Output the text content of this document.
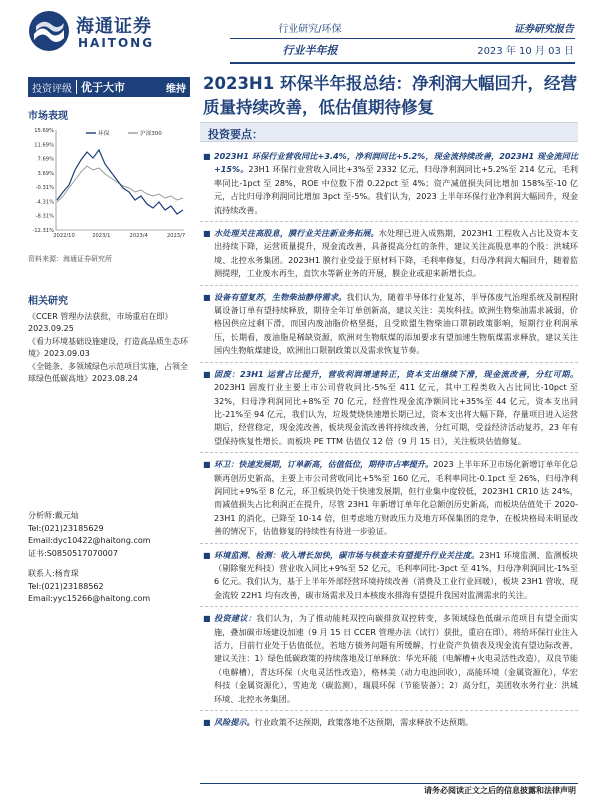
海通证券
HAITONG
行业研究/环保
行业半年报
证券研究报告
2023 年 10 月 03 日
投资评级 优于大市	维持
市场表现
15.69%
11.69%
7.69%
3.69%
-0.31%
-4.31%
-8.31%
-12.31%
2022/10	2023/1	2023/4	2023/7
环保	沪深300
资料来源：海通证券研究所
相关研究
《CCER 管理办法获批，市场重启在即》2023.09.25
《看力环境基础设施建设，打造高品质生态环境》2023.09.03
《全链条、多领域绿色示范项目实施，占领全球绿色低碳高地》2023.08.24
分析师:戴元灿
Tel:(021)23185629
Email:dyc10422@haitong.com
证书:S0850517070007
联系人:杨育琛
Tel:(021)23188562
Email:yyc15266@haitong.com
2023H1 环保半年报总结：净利润大幅回升，经营质量持续改善，低估值期待修复
投资要点：
■ 2023H1 环保行业营收同比+3.4%，净利润同比+5.2%，现金流持续改善，2023H1 现金流同比+15%。23H1 环保行业营收入同比+3%至 2332 亿元，归母净利润同比+5.2%至 214 亿元，毛利率同比-1pct 至 28%，ROE 中位数下滑 0.22pct 至 4%；资产减值损失同比增加 158%至-10 亿元，占比归母净利润同比增加 3pct 至-5%。我们认为，2023 上半年环保行业净利润大幅回升，现金流持续改善。
■ 水处理关注高股息，膜行业关注新业务拓展。水处理已进入成熟期，2023H1 工程收入占比及资本支出持续下降，运营质量提升，现金流改善，具备提高分红的条件，建议关注高股息率的个股：洪城环境、北控水务集团。2023H1 膜行业受益于原材料下降，毛利率修复，归母净利润大幅回升，随着监测提理，工业废水再生，直饮水等新业务的开展，膜企业或迎来新增长点。
■ 设备有望复苏，生物柴油静待需求。我们认为，随着半导体行业复苏，半导体废气治理系统及制程附属设备订单有望持续释放，期待全年订单创新高，建议关注：美埃科技。欧洲生物柴油需求减弱，价格因供应过剩下滑，而国内废油脂价格坚挺，且受欧盟生物柴油口罩制政策影响，短期行业利润承压，长期看，废油脂是稀缺资源，欧洲对生物航煤的添加要求有望加速生物航煤需求释放，建议关注国内生物航煤建设，欧洲出口限制政策以及需求恢复节奏。
■ 固废：23H1 运营占比提升，营收利润增速转正，资本支出继续下滑，现金流改善，分红可期。2023H1 固废行业主要上市公司营收同比-5%至 411 亿元，其中工程类收入占比同比-10pct 至 32%，归母净利润同比+8%至 70 亿元，经营性现金流净额同比+35%至 44 亿元，资本支出同比-21%至 94 亿元，我们认为，垃圾焚烧快速增长期已过，资本支出将大幅下降，存量项目进入运营期后，经营稳定，现金流改善，板块现金流改善将持续改善，分红可期，受益经济活动复苏，23 年有望保持恢复性增长。而板块 PE TTM 估值仅 12 倍（9 月 15 日），关注板块估值修复。
■ 环卫：快速发展期，订单新高，估值低位，期待市占率提升。2023 上半年环卫市场化新增订单年化总额再创历史新高，主要上市公司营收同比+5%至 160 亿元，毛利率同比-0.1pct 至 26%，归母净利润同比+9%至 8 亿元，环卫板块仍处于快速发展期，但行业集中度较低，2023H1 CR10 达 24%，而减值损失占比利润正在提升，尽管 23H1 年新增订单年化总额创历史新高，而板块估值处于 2020-23H1 的消化，已降至 10-14 倍，但考虑地方财政压力及地方环保集团的竞争，在板块格局未明显改善的情况下，估值修复的持续性有待进一步验证。
■ 环境监测、检测：收入增长加快，碳市场与核查未有望提升行业关注度。23H1 环境监测、监测板块（剔除聚光科技）营业收入同比+9%至 52 亿元，毛利率同比-3pct 至 41%，归母净利润同比-1%至 6 亿元。我们认为，基于上半年外部经营环境持续改善（消费及工业行业回暖），板块 23H1 营收、现金流较 22H1 均有改善，碳市场需求及日本核废水排海有望提升我国对监测需求的关注。
■ 投资建议：我们认为，为了推动能耗双控向碳排放双控转变，多领域绿色低碳示范项目有望全面实施，叠加碳市场建设加速（9 月 15 日 CCER 管理办法（试行）获批，重启在即），将给环保行业注入活力，目前行业处于估值低位，若地方债务问题有所缓解，行业资产负债表及现金流有望边际改善，建议关注：1）绿色低碳政策的持续落地及订单释放：华光环能（电解槽+火电灵活性改造），双良节能（电解槽），青达环保（火电灵活性改造），格林美（动力电池回收），高能环境（金属资源化），华宏科技（金属资源化），雪迪龙（碳监测），瑞晨环保（节能装备）；2）高分红，美团收水务行业：洪城环境、北控水务集团。
■ 风险提示。行业政策不达预期，政策落地不达预期，需求释放不达预期。
请务必阅读正文之后的信息披露和法律声明
